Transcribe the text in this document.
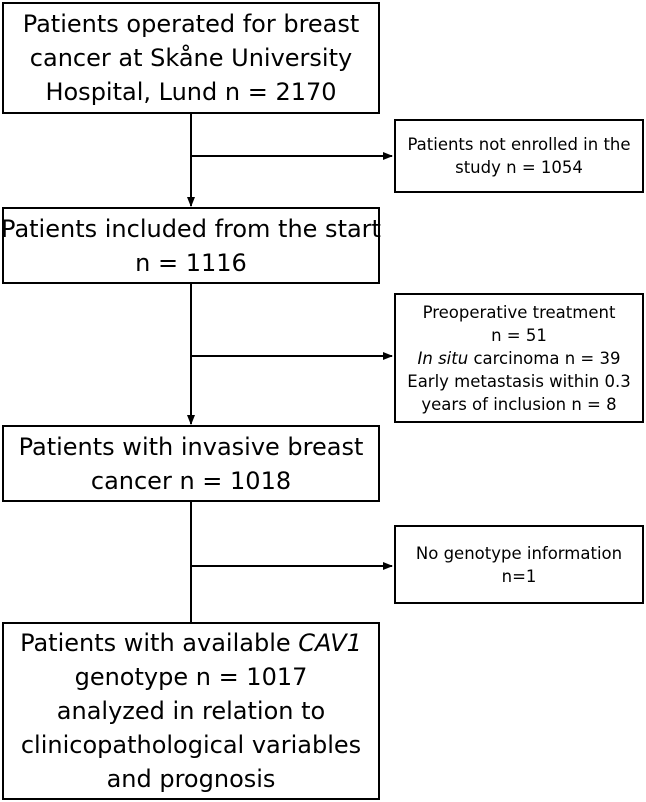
Patients operated for breast
cancer at Skåne University
Hospital, Lund n = 2170
Patients not enrolled in the
study n = 1054
Patients included from the start
n = 1116
Preoperative treatment
n = 51
In situ carcinoma n = 39
Early metastasis within 0.3
years of inclusion n = 8
Patients with invasive breast
cancer n = 1018
No genotype information
n=1
Patients with available CAV1
genotype n = 1017
analyzed in relation to
clinicopathological variables
and prognosis
